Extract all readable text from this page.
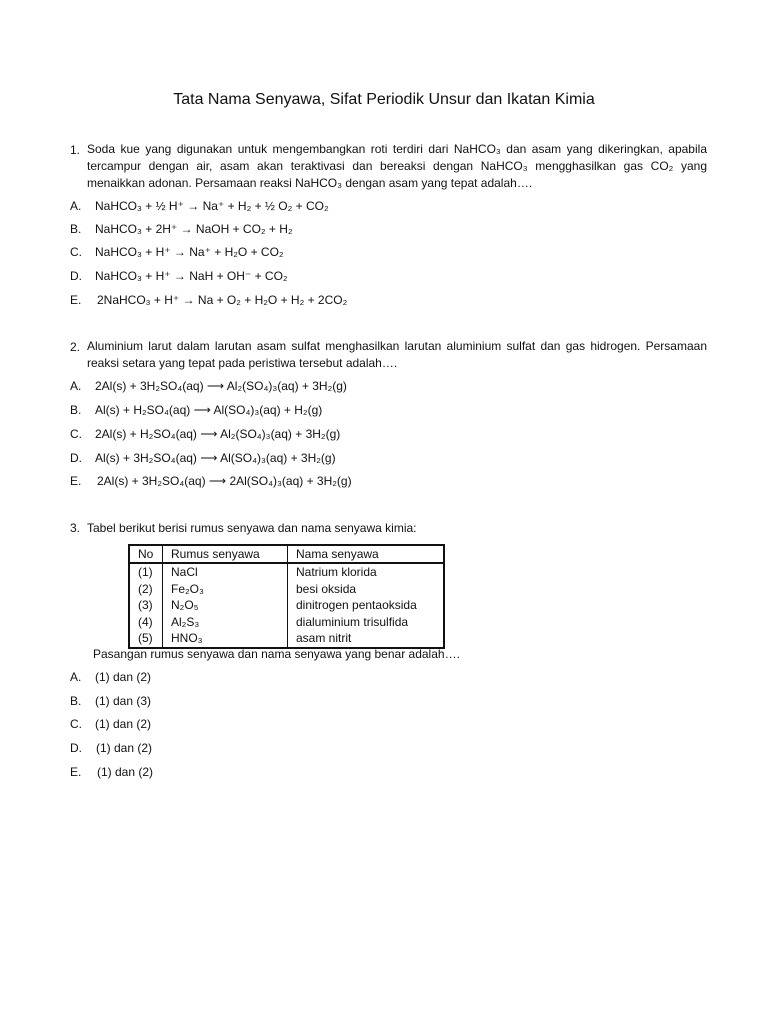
Tata Nama Senyawa, Sifat Periodik Unsur dan Ikatan Kimia
1. Soda kue yang digunakan untuk mengembangkan roti terdiri dari NaHCO₃ dan asam yang dikeringkan, apabila tercampur dengan air, asam akan teraktivasi dan bereaksi dengan NaHCO₃ mengghasilkan gas CO₂ yang menaikkan adonan. Persamaan reaksi NaHCO₃ dengan asam yang tepat adalah….
A. NaHCO₃ + ½ H⁺ → Na⁺ + H₂ + ½ O₂ + CO₂
B. NaHCO₃ + 2H⁺ → NaOH + CO₂ + H₂
C. NaHCO₃ + H⁺ → Na⁺ + H₂O + CO₂
D. NaHCO₃ + H⁺ → NaH + OH⁻ + CO₂
E. 2NaHCO₃ + H⁺ → Na + O₂ + H₂O + H₂ + 2CO₂
2. Aluminium larut dalam larutan asam sulfat menghasilkan larutan aluminium sulfat dan gas hidrogen. Persamaan reaksi setara yang tepat pada peristiwa tersebut adalah….
A. 2Al(s) + 3H₂SO₄(aq) ⟶ Al₂(SO₄)₃(aq) + 3H₂(g)
B. Al(s) + H₂SO₄(aq) ⟶ Al(SO₄)₃(aq) + H₂(g)
C. 2Al(s) + H₂SO₄(aq) ⟶ Al₂(SO₄)₃(aq) + 3H₂(g)
D. Al(s) + 3H₂SO₄(aq) ⟶ Al(SO₄)₃(aq) + 3H₂(g)
E. 2Al(s) + 3H₂SO₄(aq) ⟶ 2Al(SO₄)₃(aq) + 3H₂(g)
3. Tabel berikut berisi rumus senyawa dan nama senyawa kimia:
No	Rumus senyawa	Nama senyawa
(1)	NaCl	Natrium klorida
(2)	Fe₂O₃	besi oksida
(3)	N₂O₅	dinitrogen pentaoksida
(4)	Al₂S₃	dialuminium trisulfida
(5)	HNO₃	asam nitrit
Pasangan rumus senyawa dan nama senyawa yang benar adalah….
A. (1) dan (2)
B. (1) dan (3)
C. (1) dan (2)
D. (1) dan (2)
E. (1) dan (2)
